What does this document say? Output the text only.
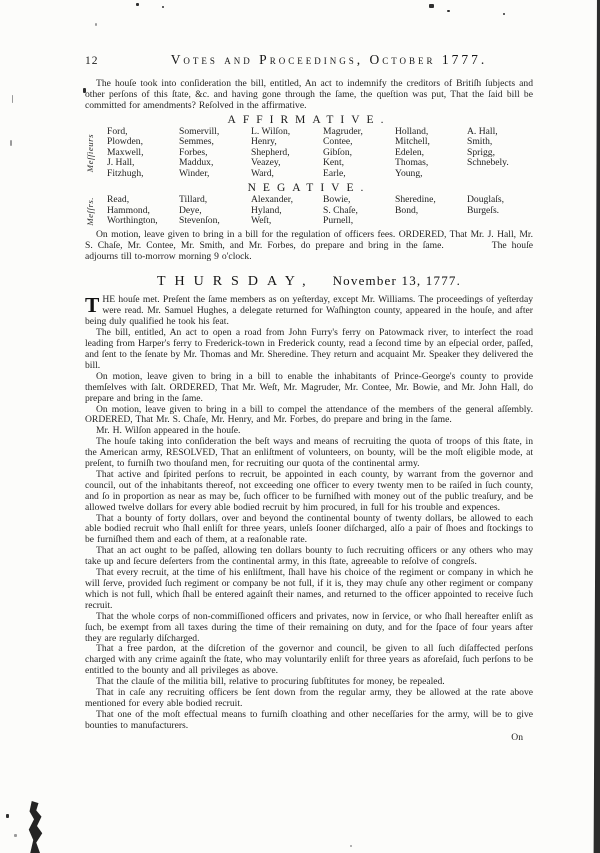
12	Votes and Proceedings, October 1777.

The houſe took into conſideration the bill, entitled, An act to indemnify the creditors of Britiſh ſubjects and other perſons of this ſtate, &c. and having gone through the ſame, the queſtion was put, That the ſaid bill be committed for amendments? Reſolved in the affirmative.

AFFIRMATIVE.
Meſſieurs
Ford,
Plowden,
Maxwell,
J. Hall,
Fitzhugh,
Somervill,
Semmes,
Forbes,
Maddux,
Winder,
L. Wilſon,
Henry,
Shepherd,
Veazey,
Ward,
Magruder,
Contee,
Gibſon,
Kent,
Earle,
Holland,
Mitchell,
Edelen,
Thomas,
Young,
A. Hall,
Smith,
Sprigg,
Schnebely.
NEGATIVE.
Meſſrs. Read,
Hammond,
Worthington,
Tillard,
Deye,
Stevenſon,
Alexander,
Hyland,
Weſt,
Bowie,
S. Chaſe,
Purnell,
Sheredine,
Bond,
Douglaſs,
Burgeſs.

On motion, leave given to bring in a bill for the regulation of officers fees. ORDERED, That Mr. J. Hall, Mr. S. Chaſe, Mr. Contee, Mr. Smith, and Mr. Forbes, do prepare and bring in the ſame.     The houſe adjourns till to-morrow morning 9 o'clock.

THURSDAY, November 13, 1777.

THE houſe met. Preſent the ſame members as on yeſterday, except Mr. Williams. The proceedings of yeſterday were read. Mr. Samuel Hughes, a delegate returned for Waſhington county, appeared in the houſe, and after being duly qualified he took his ſeat.

The bill, entitled, An act to open a road from John Furry's ferry on Patowmack river, to interſect the road leading from Harper's ferry to Frederick-town in Frederick county, read a ſecond time by an eſpecial order, paſſed, and ſent to the ſenate by Mr. Thomas and Mr. Sheredine. They return and acquaint Mr. Speaker they delivered the bill.

On motion, leave given to bring in a bill to enable the inhabitants of Prince-George's county to provide themſelves with ſalt. ORDERED, That Mr. Weſt, Mr. Magruder, Mr. Contee, Mr. Bowie, and Mr. John Hall, do prepare and bring in the ſame.

On motion, leave given to bring in a bill to compel the attendance of the members of the general aſſembly. ORDERED, That Mr. S. Chaſe, Mr. Henry, and Mr. Forbes, do prepare and bring in the ſame.

Mr. H. Wilſon appeared in the houſe.

The houſe taking into conſideration the beſt ways and means of recruiting the quota of troops of this ſtate, in the American army, RESOLVED, That an enliſtment of volunteers, on bounty, will be the moſt eligible mode, at preſent, to furniſh two thouſand men, for recruiting our quota of the continental army.

That active and ſpirited perſons to recruit, be appointed in each county, by warrant from the governor and council, out of the inhabitants thereof, not exceeding one officer to every twenty men to be raiſed in ſuch county, and ſo in proportion as near as may be, ſuch officer to be furniſhed with money out of the public treaſury, and be allowed twelve dollars for every able bodied recruit by him procured, in full for his trouble and expences.

That a bounty of forty dollars, over and beyond the continental bounty of twenty dollars, be allowed to each able bodied recruit who ſhall enliſt for three years, unleſs ſooner diſcharged, alſo a pair of ſhoes and ſtockings to be furniſhed them and each of them, at a reaſonable rate.

That an act ought to be paſſed, allowing ten dollars bounty to ſuch recruiting officers or any others who may take up and ſecure deſerters from the continental army, in this ſtate, agreeable to reſolve of congreſs.

That every recruit, at the time of his enliſtment, ſhall have his choice of the regiment or company in which he will ſerve, provided ſuch regiment or company be not full, if it is, they may chuſe any other regiment or company which is not full, which ſhall be entered againſt their names, and returned to the officer appointed to receive ſuch recruit.

That the whole corps of non-commiſſioned officers and privates, now in ſervice, or who ſhall hereafter enliſt as ſuch, be exempt from all taxes during the time of their remaining on duty, and for the ſpace of four years after they are regularly diſcharged.

That a free pardon, at the diſcretion of the governor and council, be given to all ſuch diſaffected perſons charged with any crime againſt the ſtate, who may voluntarily enliſt for three years as aforeſaid, ſuch perſons to be entitled to the bounty and all privileges as above.

That the clauſe of the militia bill, relative to procuring ſubſtitutes for money, be repealed.

That in caſe any recruiting officers be ſent down from the regular army, they be allowed at the rate above mentioned for every able bodied recruit.

That one of the moſt effectual means to furniſh cloathing and other neceſſaries for the army, will be to give bounties to manufacturers.

On
